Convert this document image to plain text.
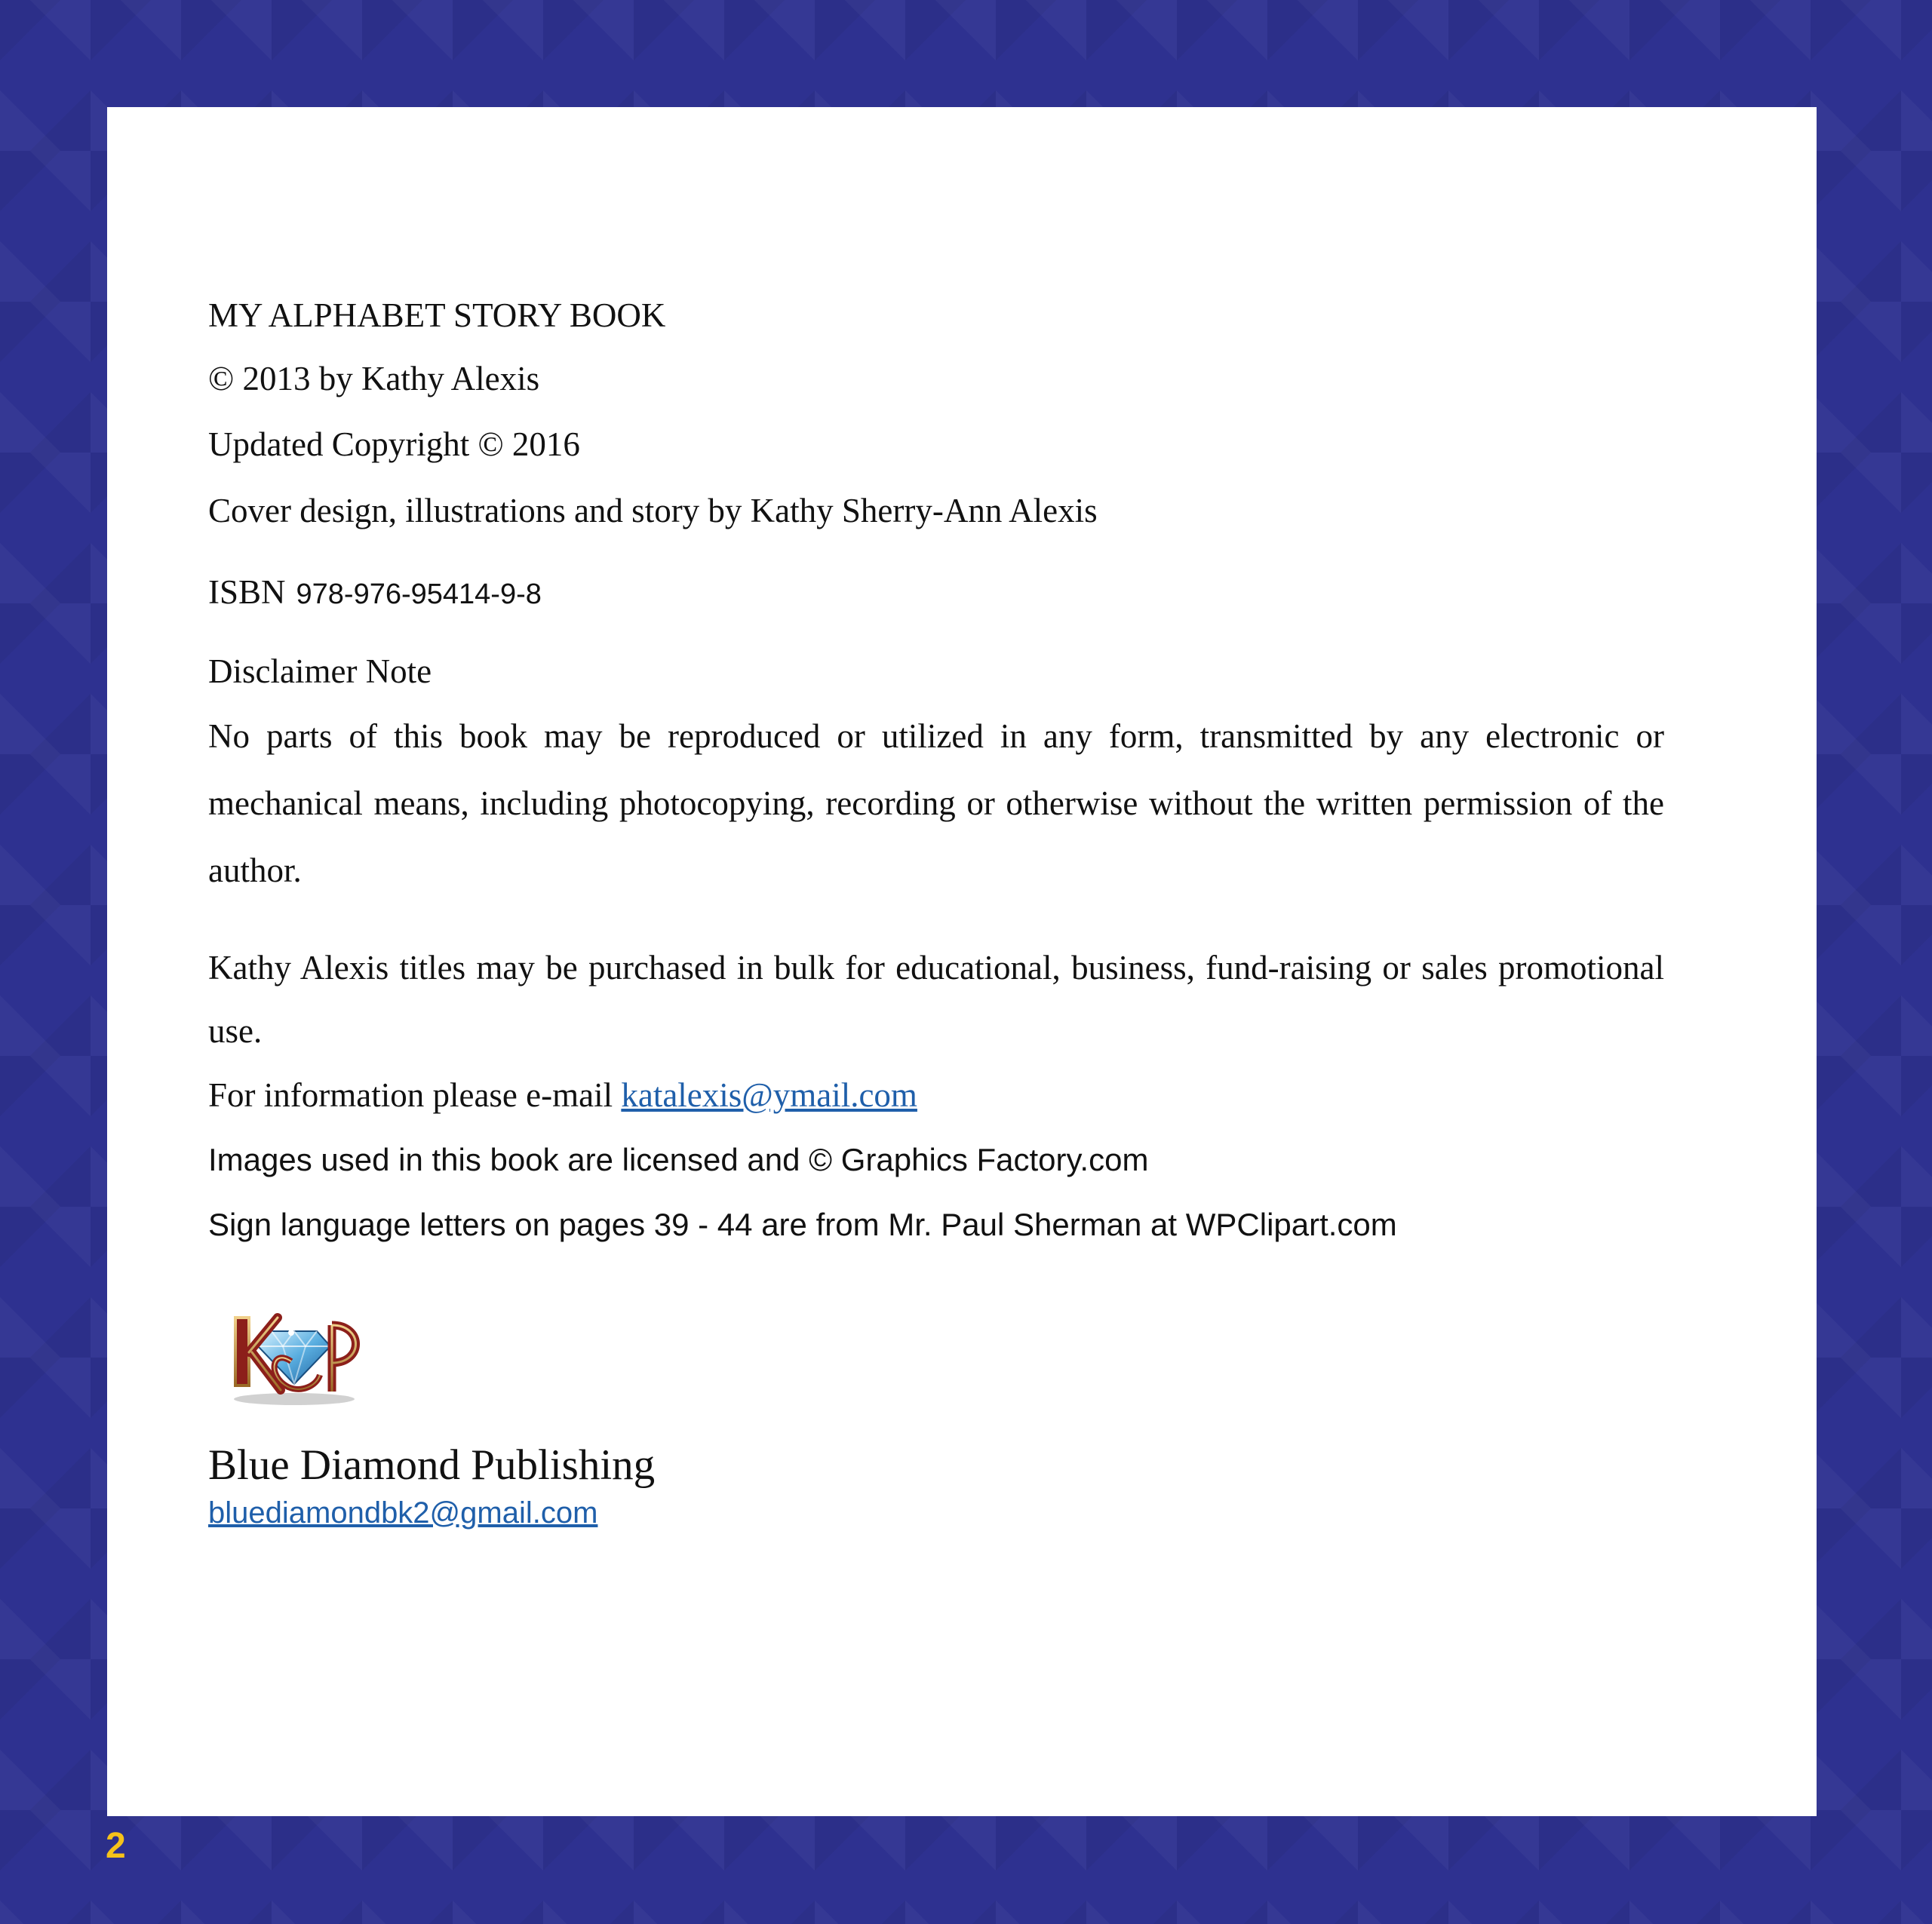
MY ALPHABET STORY BOOK
© 2013 by Kathy Alexis
Updated Copyright © 2016
Cover design, illustrations and story by Kathy Sherry-Ann Alexis
ISBN 978-976-95414-9-8
Disclaimer Note
No parts of this book may be reproduced or utilized in any form, transmitted by any electronic or mechanical means, including photocopying, recording or otherwise without the written permission of the author.
Kathy Alexis titles may be purchased in bulk for educational, business, fund-raising or sales promotional use.
For information please e-mail katalexis@ymail.com
Images used in this book are licensed and © Graphics Factory.com
Sign language letters on pages 39 - 44 are from Mr. Paul Sherman at WPClipart.com
Blue Diamond Publishing
bluediamondbk2@gmail.com
2
